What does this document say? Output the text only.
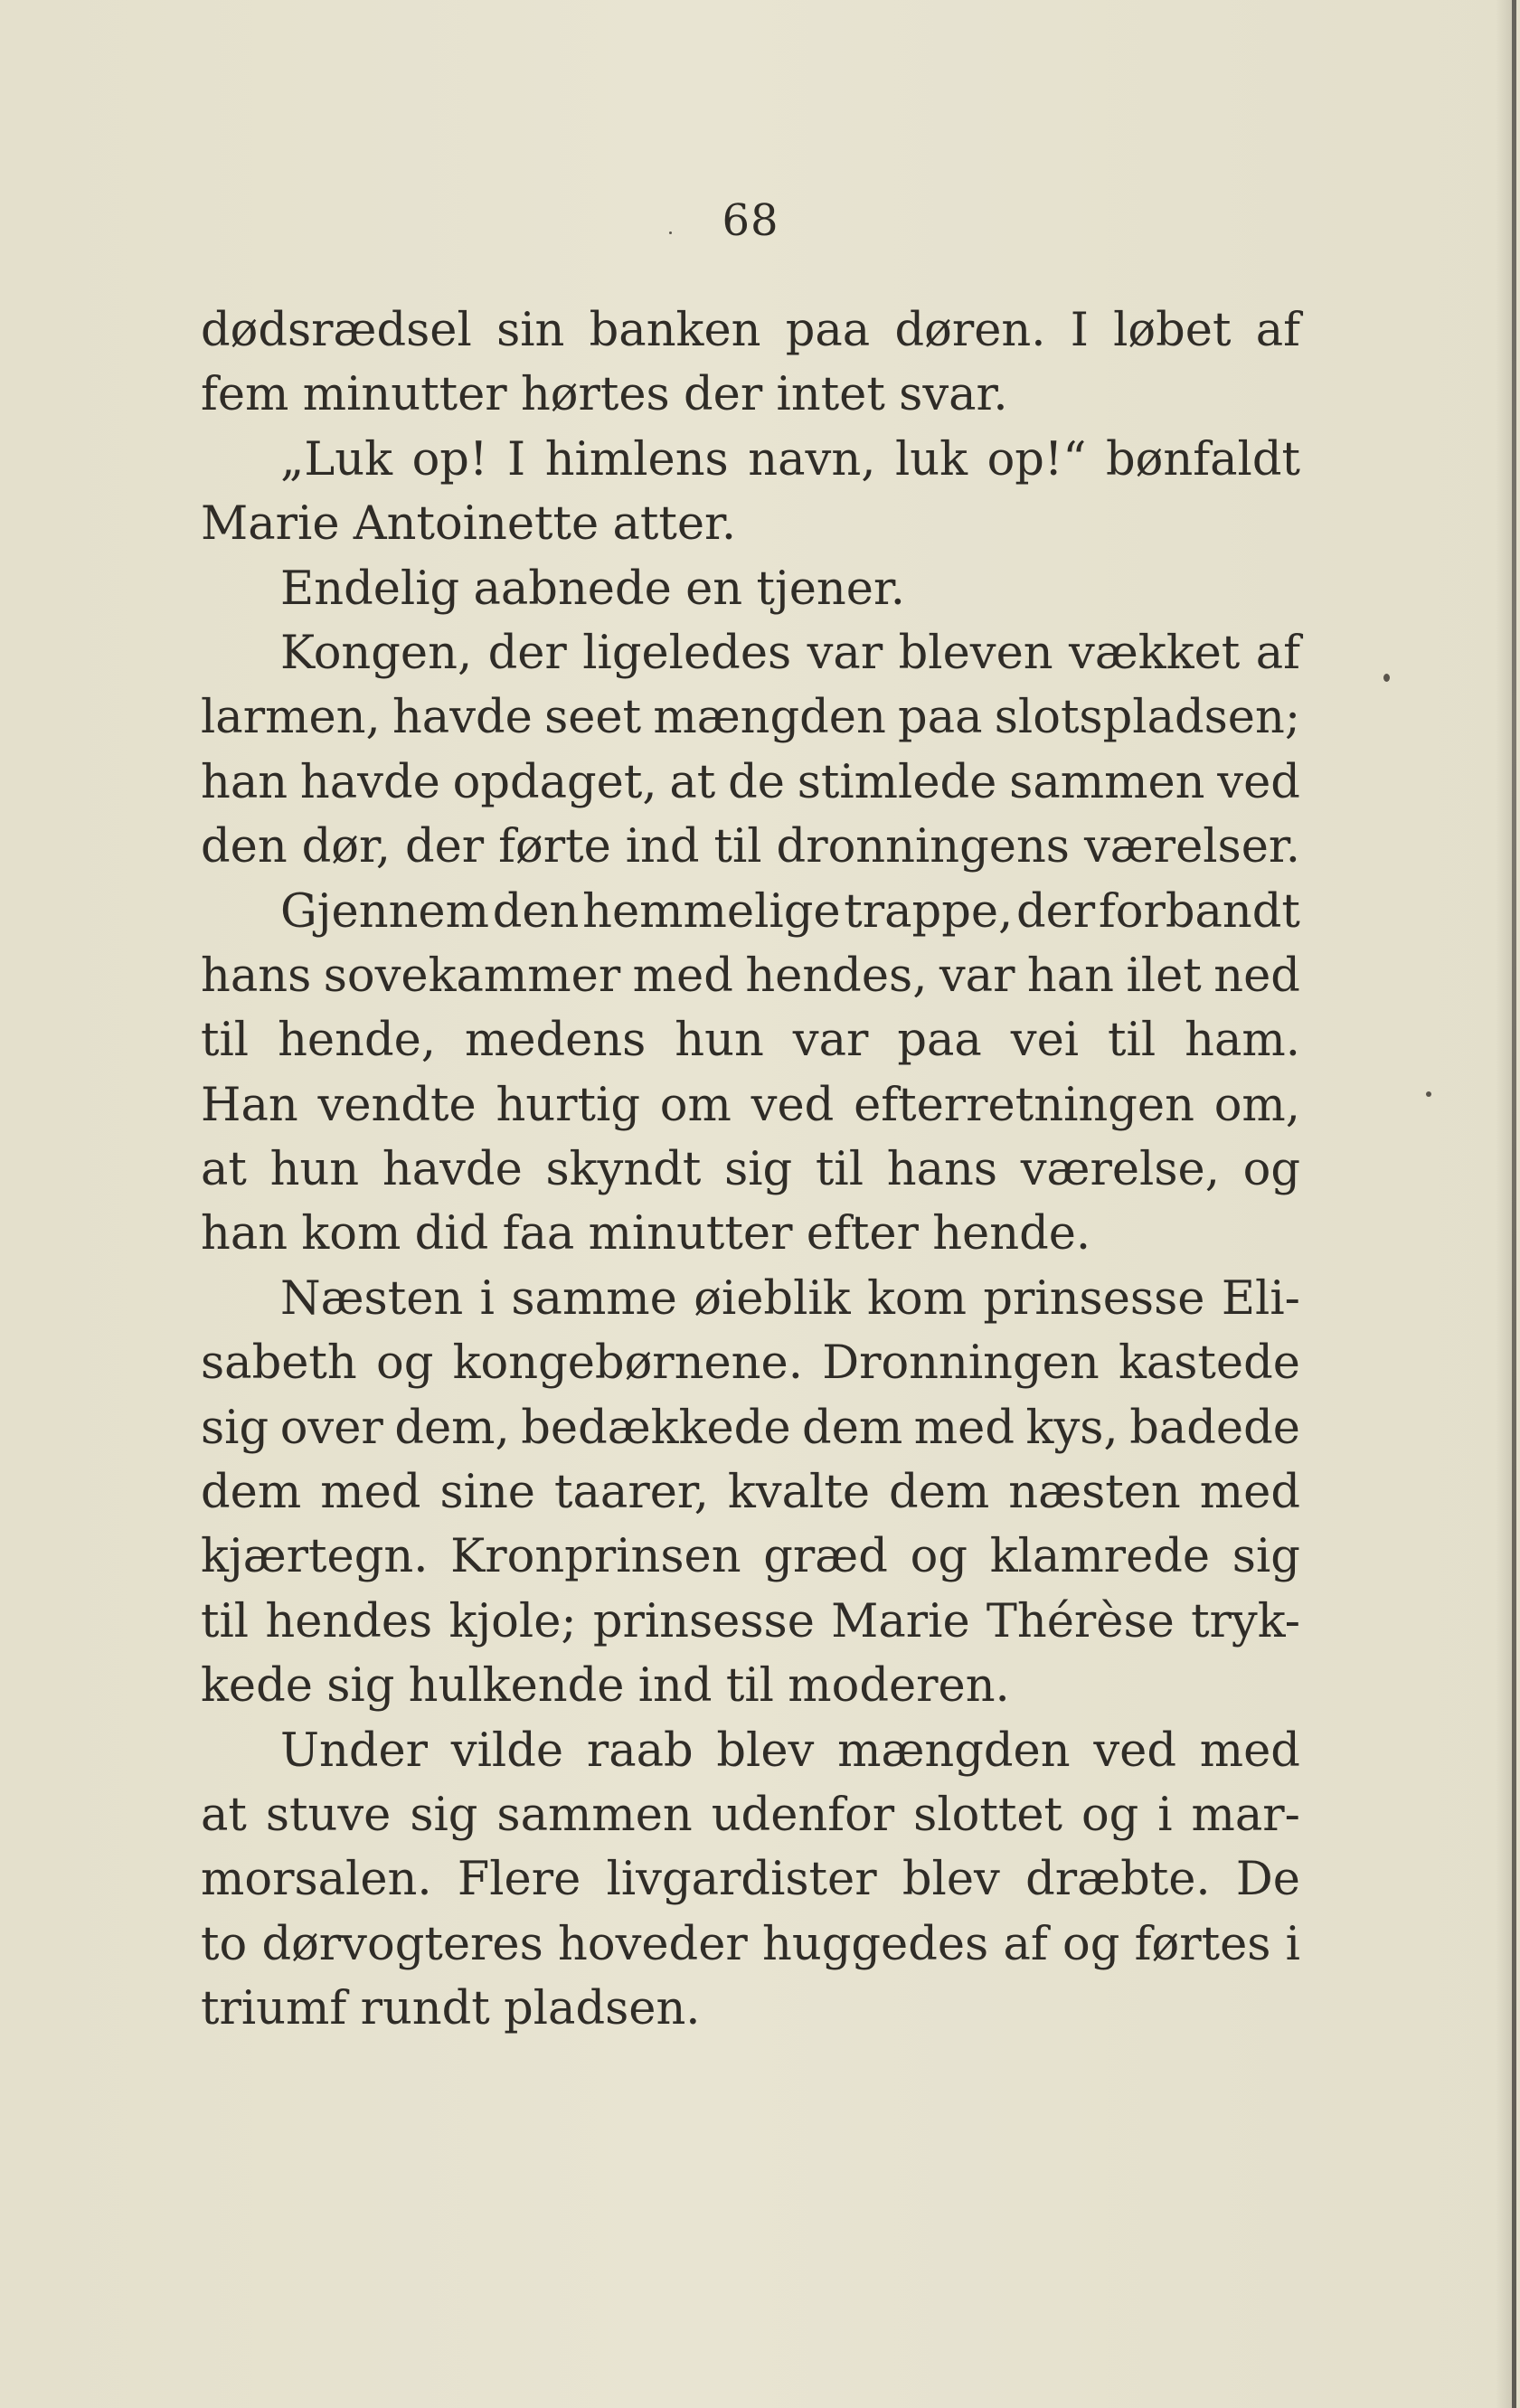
68
dødsrædsel sin banken paa døren. I løbet af
fem minutter hørtes der intet svar.
„Luk op! I himlens navn, luk op!“ bønfaldt
Marie Antoinette atter.
Endelig aabnede en tjener.
Kongen, der ligeledes var bleven vækket af
larmen, havde seet mængden paa slotspladsen;
han havde opdaget, at de stimlede sammen ved
den dør, der førte ind til dronningens værelser.
Gjennem den hemmelige trappe, der forbandt
hans sovekammer med hendes, var han ilet ned
til hende, medens hun var paa vei til ham.
Han vendte hurtig om ved efterretningen om,
at hun havde skyndt sig til hans værelse, og
han kom did faa minutter efter hende.
Næsten i samme øieblik kom prinsesse Eli-
sabeth og kongebørnene. Dronningen kastede
sig over dem, bedækkede dem med kys, badede
dem med sine taarer, kvalte dem næsten med
kjærtegn. Kronprinsen græd og klamrede sig
til hendes kjole; prinsesse Marie Thérèse tryk-
kede sig hulkende ind til moderen.
Under vilde raab blev mængden ved med
at stuve sig sammen udenfor slottet og i mar-
morsalen. Flere livgardister blev dræbte. De
to dørvogteres hoveder huggedes af og førtes i
triumf rundt pladsen.
